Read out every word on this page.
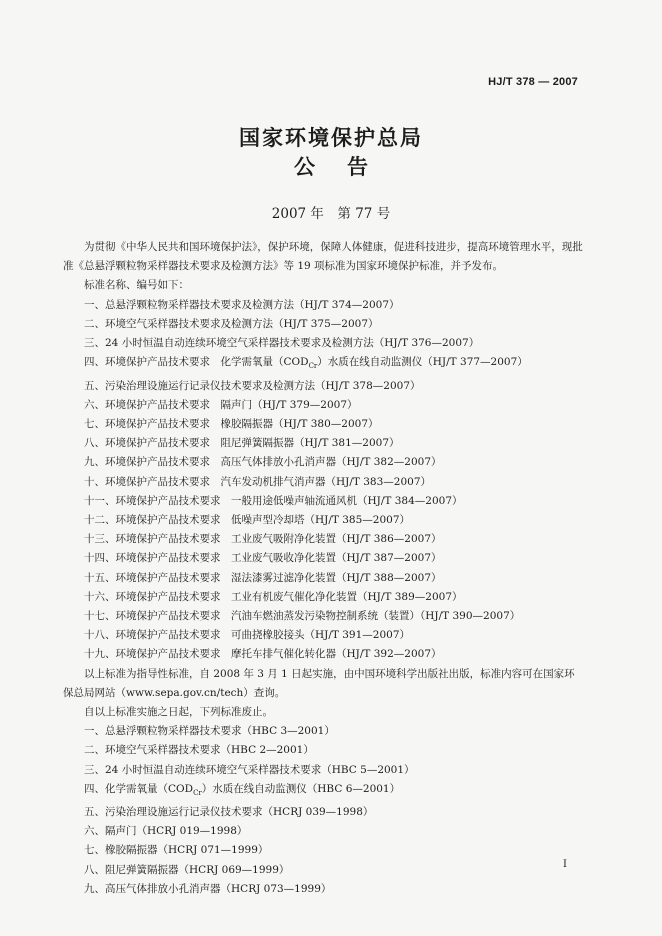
HJ/T 378 — 2007
国家环境保护总局
公告
2007 年　第 77 号

为贯彻《中华人民共和国环境保护法》，保护环境，保障人体健康，促进科技进步，提高环境管理水平，现批准《总悬浮颗粒物采样器技术要求及检测方法》等 19 项标准为国家环境保护标准，并予发布。

标准名称、编号如下：

一、总悬浮颗粒物采样器技术要求及检测方法（HJ/T 374—2007）

二、环境空气采样器技术要求及检测方法（HJ/T 375—2007）

三、24 小时恒温自动连续环境空气采样器技术要求及检测方法（HJ/T 376—2007）

四、环境保护产品技术要求　化学需氧量$(COD_{Cr})$水质在线自动监测仪（HJ/T 377—2007）

五、污染治理设施运行记录仪技术要求及检测方法（HJ/T 378—2007）

六、环境保护产品技术要求　隔声门（HJ/T 379—2007）

七、环境保护产品技术要求　橡胶隔振器（HJ/T 380—2007）

八、环境保护产品技术要求　阻尼弹簧隔振器（HJ/T 381—2007）

九、环境保护产品技术要求　高压气体排放小孔消声器（HJ/T 382—2007）

十、环境保护产品技术要求　汽车发动机排气消声器（HJ/T 383—2007）

十一、环境保护产品技术要求　一般用途低噪声轴流通风机（HJ/T 384—2007）

十二、环境保护产品技术要求　低噪声型冷却塔（HJ/T 385—2007）

十三、环境保护产品技术要求　工业废气吸附净化装置（HJ/T 386—2007）

十四、环境保护产品技术要求　工业废气吸收净化装置（HJ/T 387—2007）

十五、环境保护产品技术要求　湿法漆雾过滤净化装置（HJ/T 388—2007）

十六、环境保护产品技术要求　工业有机废气催化净化装置（HJ/T 389—2007）

十七、环境保护产品技术要求　汽油车燃油蒸发污染物控制系统（装置）（HJ/T 390—2007）

十八、环境保护产品技术要求　可曲挠橡胶接头（HJ/T 391—2007）

十九、环境保护产品技术要求　摩托车排气催化转化器（HJ/T 392—2007）

以上标准为指导性标准，自 2008 年 3 月 1 日起实施，由中国环境科学出版社出版，标准内容可在国家环保总局网站（www.sepa.gov.cn/tech）查询。

自以上标准实施之日起，下列标准废止。

一、总悬浮颗粒物采样器技术要求（HBC 3—2001）

二、环境空气采样器技术要求（HBC 2—2001）

三、24 小时恒温自动连续环境空气采样器技术要求（HBC 5—2001）

四、化学需氧量$(COD_{Cr})$水质在线自动监测仪（HBC 6—2001）

五、污染治理设施运行记录仪技术要求（HCRJ 039—1998）

六、隔声门（HCRJ 019—1998）

七、橡胶隔振器（HCRJ 071—1999）

八、阻尼弹簧隔振器（HCRJ 069—1999）

九、高压气体排放小孔消声器（HCRJ 073—1999）

I
